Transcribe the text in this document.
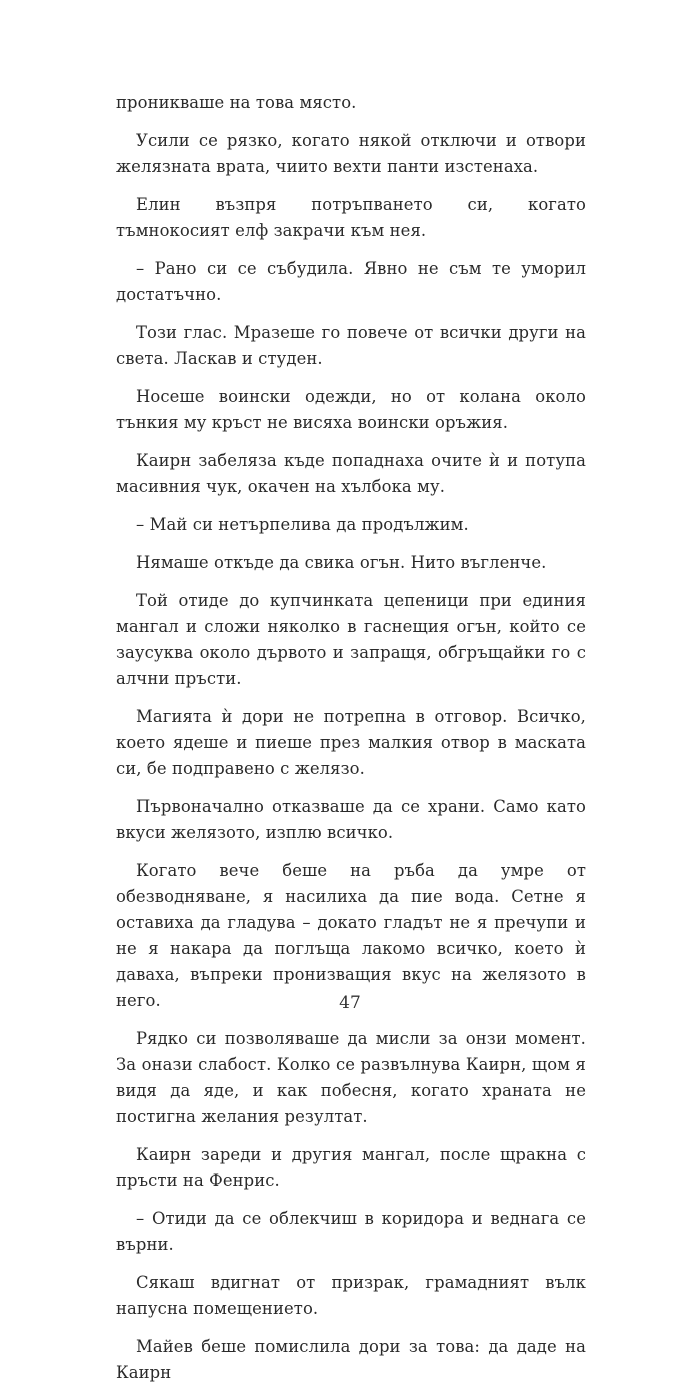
проникваше на това място.

Усили се рязко, когато някой отключи и отвори желязната врата, чиито вехти панти изстенаха.

Елин възпря потръпването си, когато тъмнокосият елф закрачи към нея.

– Рано си се събудила. Явно не съм те уморил достатъчно.

Този глас. Мразеше го повече от всички други на света. Ласкав и студен.

Носеше воински одежди, но от колана около тънкия му кръст не висяха воински оръжия.

Каирн забеляза къде попаднаха очите ѝ и потупа масивния чук, окачен на хълбока му.

– Май си нетърпелива да продължим.

Нямаше откъде да свика огън. Нито въгленче.

Той отиде до купчинката цепеници при единия мангал и сложи няколко в гаснещия огън, който се заусуква около дървото и запращя, обгръщайки го с алчни пръсти.

Магията ѝ дори не потрепна в отговор. Всичко, което ядеше и пиеше през малкия отвор в маската си, бе подправено с желязо.

Първоначално отказваше да се храни. Само като вкуси желязото, изплю всичко.

Когато вече беше на ръба да умре от обезводняване, я насилиха да пие вода. Сетне я оставиха да гладува – докато гладът не я пречупи и не я накара да поглъща лакомо всичко, което ѝ даваха, въпреки пронизващия вкус на желязото в него.

Рядко си позволяваше да мисли за онзи момент. За онази слабост. Колко се развълнува Каирн, щом я видя да яде, и как побесня, когато храната не постигна желания резултат.

Каирн зареди и другия мангал, после щракна с пръсти на Фенрис.

– Отиди да се облекчиш в коридора и веднага се върни.

Сякаш вдигнат от призрак, грамадният вълк напусна помещението.

Майев беше помислила дори за това: да даде на Каирн

47
